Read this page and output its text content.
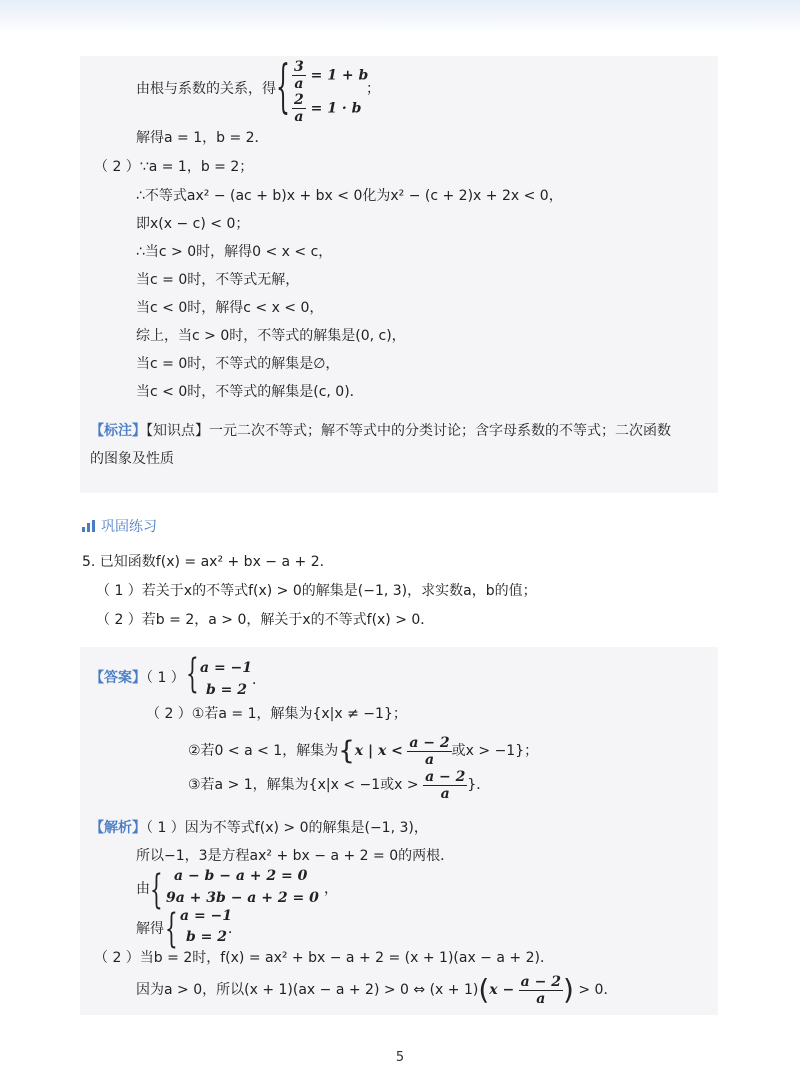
由根与系数的关系，得 { $\frac{3}{a} = 1 + b$
$\frac{2}{a} = 1 \cdot b$
；
解得a = 1，b = 2．
（ 2 ）∵a = 1，b = 2；
∴不等式ax² − (ac + b)x + bx < 0化为x² − (c + 2)x + 2x < 0，
即x(x − c) < 0；
∴当c > 0时，解得0 < x < c，
当c = 0时，不等式无解，
当c < 0时，解得c < x < 0，
综上，当c > 0时，不等式的解集是(0, c)，
当c = 0时，不等式的解集是∅，
当c < 0时，不等式的解集是(c, 0)．
【标注】【知识点】一元二次不等式；解不等式中的分类讨论；含字母系数的不等式；二次函数
的图象及性质
巩固练习
5. 已知函数f(x) = ax² + bx − a + 2．
（ 1 ）若关于x的不等式f(x) > 0的解集是(−1, 3)，求实数a，b的值；
（ 2 ）若b = 2，a > 0，解关于x的不等式f(x) > 0．
【答案】（ 1 ） { a = −1
b = 2
．
（ 2 ）①若a = 1，解集为{x|x ≠ −1}；
②若0 < a < 1，解集为{x | $x < \frac{a - 2}{a}$ 或x > −1}；
③若a > 1，解集为{x|x < −1或$x > \frac{a - 2}{a}$ }．
【解析】（ 1 ）因为不等式f(x) > 0的解集是(−1, 3)，
所以−1，3是方程ax² + bx − a + 2 = 0的两根．
由 { a − b − a + 2 = 0
9a + 3b − a + 2 = 0
，
解得 { a = −1
b = 2 ．
（ 2 ）当b = 2时，f(x) = ax² + bx − a + 2 = (x + 1)(ax − a + 2)．
因为a > 0，所以(x + 1)(ax − a + 2) > 0 ⇔ $(x + 1)(x - \frac{a - 2}{a}$ ) > 0．
5
